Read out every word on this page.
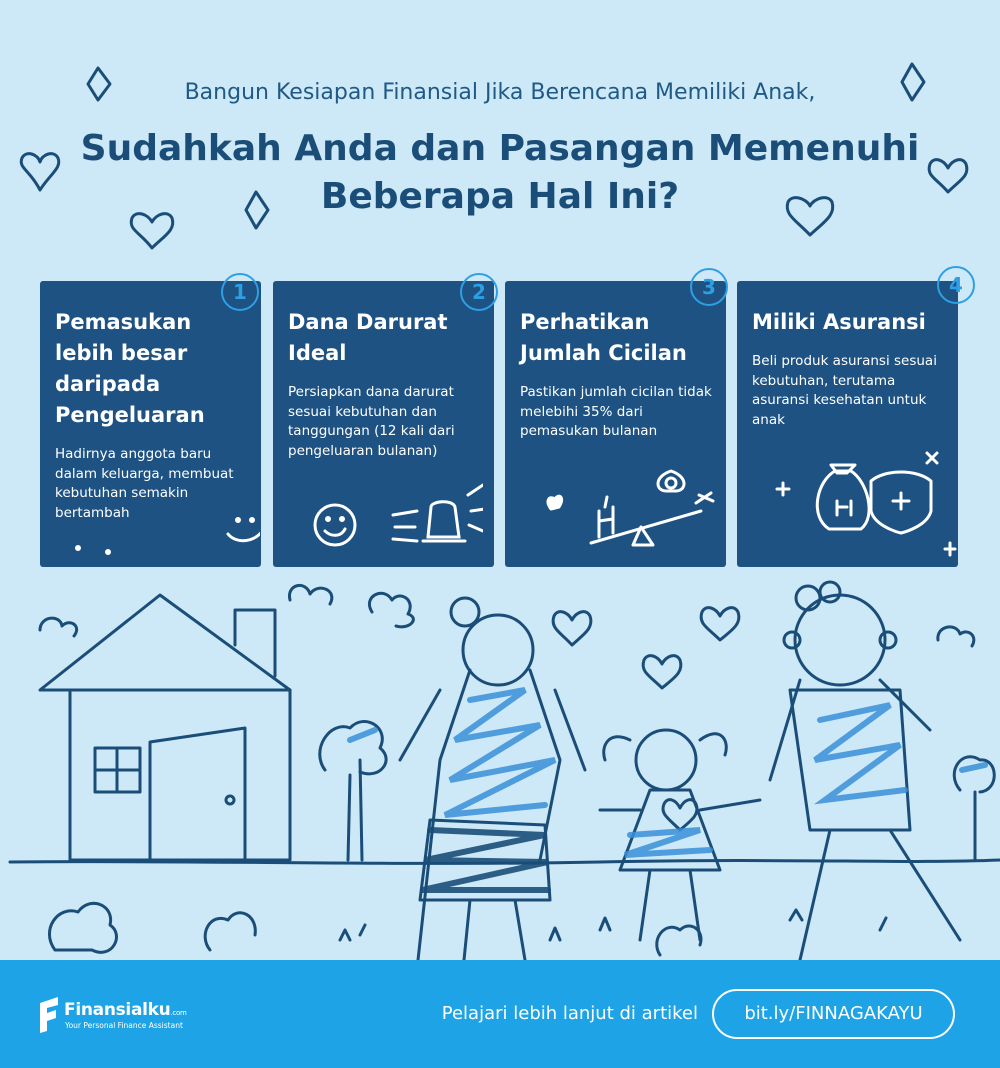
Bangun Kesiapan Finansial Jika Berencana Memiliki Anak,
Sudahkah Anda dan Pasangan Memenuhi
Beberapa Hal Ini?
Pemasukan lebih besar daripada Pengeluaran

Hadirnya anggota baru dalam keluarga, membuat kebutuhan semakin bertambah

1
Dana Darurat Ideal

Persiapkan dana darurat sesuai kebutuhan dan tanggungan (12 kali dari pengeluaran bulanan)

2
Perhatikan Jumlah Cicilan

Pastikan jumlah cicilan tidak melebihi 35% dari pemasukan bulanan

3
Miliki Asuransi

Beli produk asuransi sesuai kebutuhan, terutama asuransi kesehatan untuk anak

4
Finansialku.com
Your Personal Finance Assistant
Pelajari lebih lanjut di artikel	bit.ly/FINNAGAKAYU
